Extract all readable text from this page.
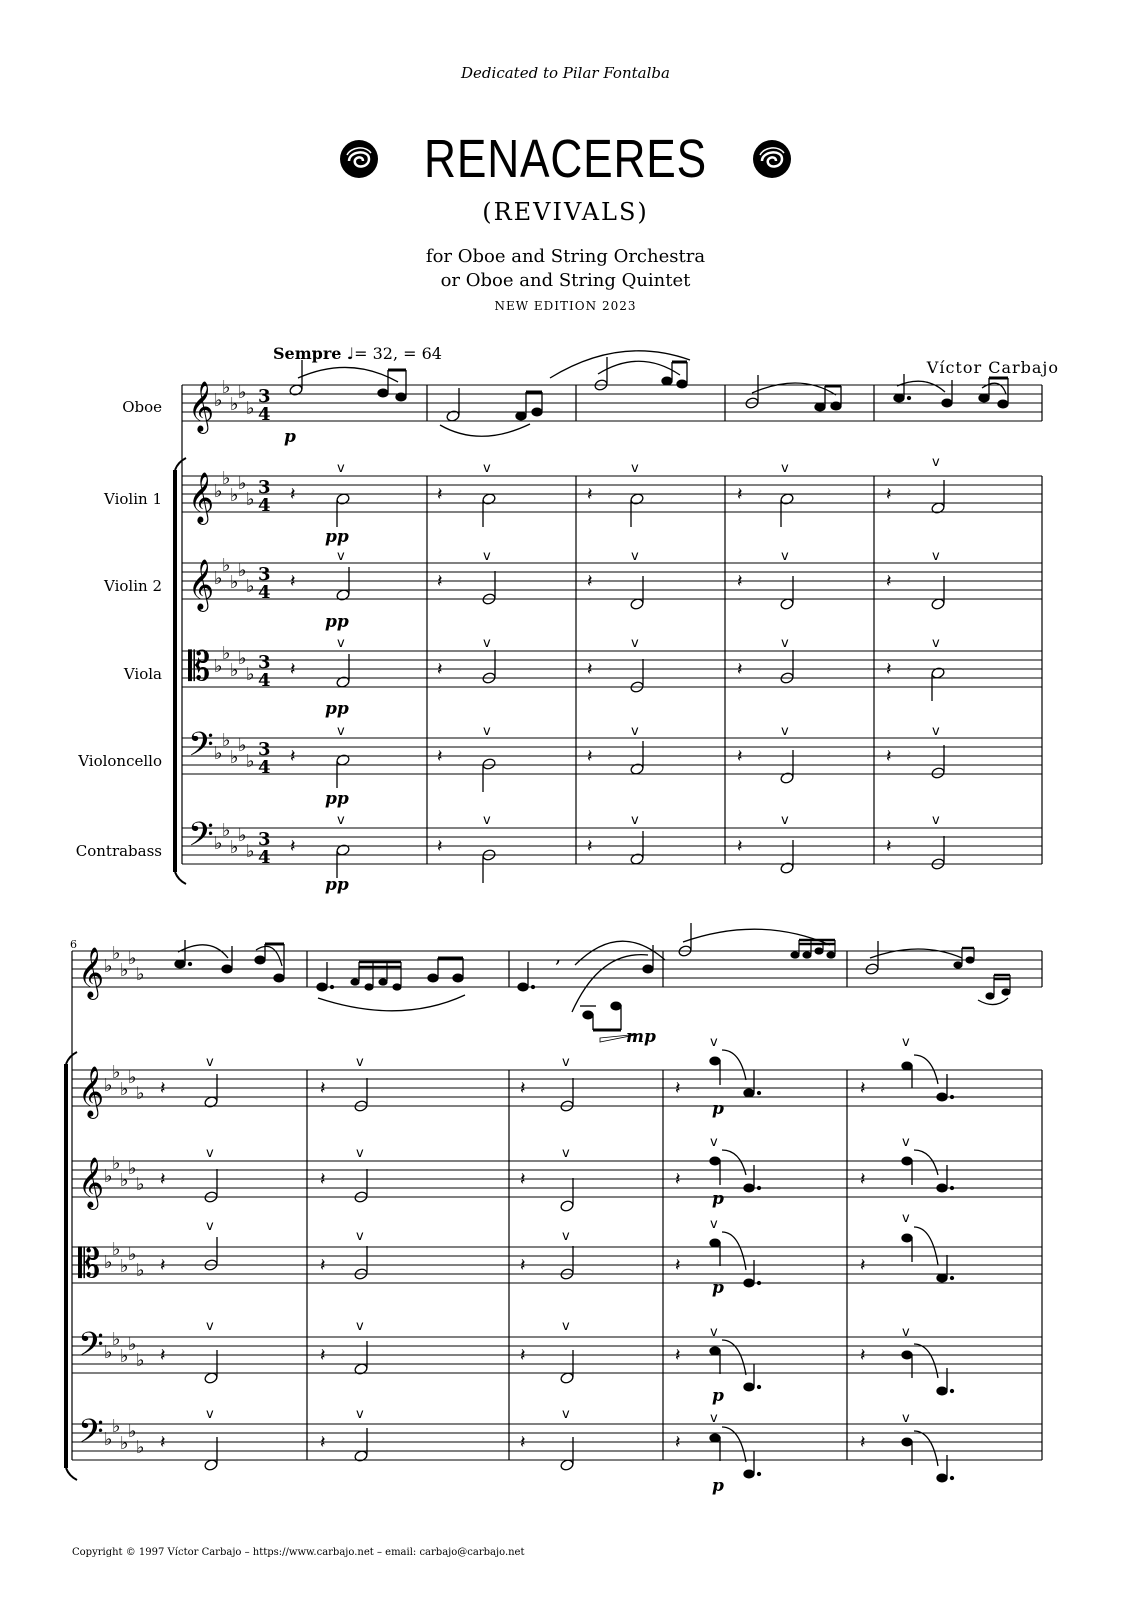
Dedicated to Pilar Fontalba
RENACERES
(REVIVALS)
for Oboe and String Orchestra
or Oboe and String Quintet
NEW EDITION 2023
Sempre ♩= 32, = 64
Víctor Carbajo
Oboe
Violin 1
Violin 2
Viola
Violoncello
Contrabass
𝄞
𝄞
𝄞
𝄡
𝄢
𝄢
♭
♭
♭
♭
♭
♭
♭
♭
♭
♭
♭
♭
♭
♭
♭
♭
♭
♭
♭
♭
♭
♭
♭
♭
♭
♭
♭
♭
♭
♭
3
4
3
4
3
4
3
4
3
4
3
4
𝄽	𝄽	𝄽	𝄽	𝄽
𝄽	𝄽	𝄽	𝄽	𝄽
𝄽	𝄽	𝄽	𝄽	𝄽
𝄽	𝄽	𝄽	𝄽	𝄽
𝄽	𝄽	𝄽	𝄽	𝄽
v	v	v	v	v
v	v	v	v	v
v	v	v	v	v
v	v	v	v	v
v	v	v	v	v
6
𝄞
𝄞
𝄞
𝄡
𝄢
𝄢
♭
♭
♭
♭
♭
♭
♭
♭
♭
♭
♭
♭
♭
♭
♭
♭
♭
♭
♭
♭
♭
♭
♭
♭
♭
♭
♭
♭
♭
♭
,
𝄽	𝄽	𝄽	𝄽	𝄽
𝄽	𝄽	𝄽	𝄽	𝄽
𝄽	𝄽	𝄽	𝄽	𝄽
𝄽	𝄽	𝄽	𝄽	𝄽
𝄽	𝄽	𝄽	𝄽	𝄽
v	v	v
v	v
v	v	v
v	v
v
v	v
v	v
v	v	v	v	v
v	v	v	v	v
p
pp
pp
pp
pp
pp
mp
p
p
p
p
p
Copyright © 1997 Víctor Carbajo – https://www.carbajo.net – email: carbajo@carbajo.net
